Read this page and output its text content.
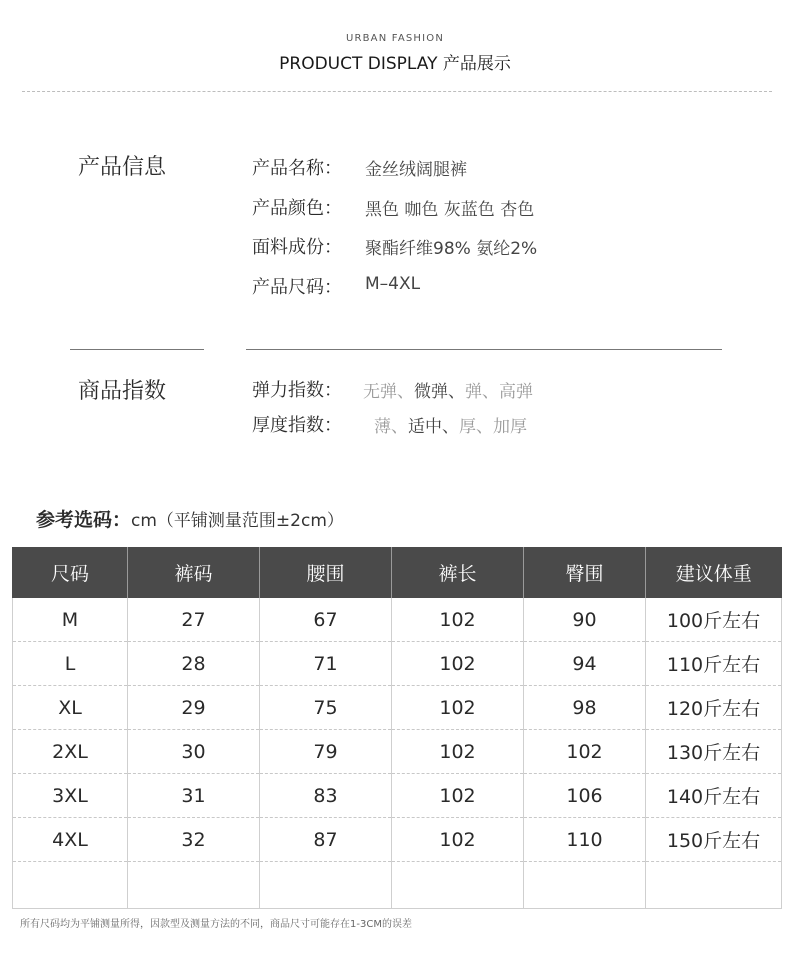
URBAN FASHION
PRODUCT DISPLAY 产品展示
产品信息	产品名称： 金丝绒阔腿裤
产品颜色： 黑色 咖色 灰蓝色 杏色
面料成份： 聚酯纤维98% 氨纶2%
产品尺码： M–4XL
商品指数	弹力指数： 无弹、微弹、弹、高弹
厚度指数： 薄、适中、厚、加厚
参考选码：cm（平铺测量范围±2cm）
尺码	裤码	腰围	裤长	臀围	建议体重
M	27	67	102	90	100斤左右
L	28	71	102	94	110斤左右
XL	29	75	102	98	120斤左右
2XL	30	79	102	102	130斤左右
3XL	31	83	102	106	140斤左右
4XL	32	87	102	110	150斤左右

所有尺码均为平铺测量所得，因款型及测量方法的不同，商品尺寸可能存在1-3CM的误差
